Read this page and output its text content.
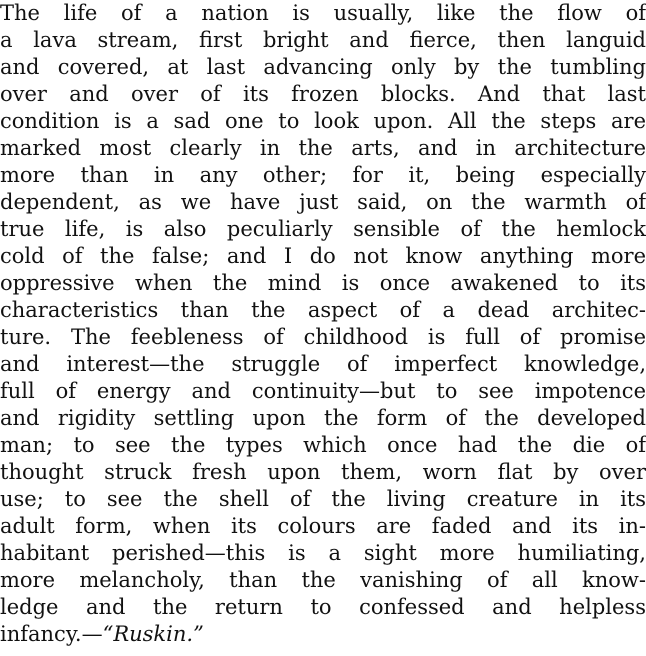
The life of a nation is usually, like the flow of
a lava stream, first bright and fierce, then languid
and covered, at last advancing only by the tumbling
over and over of its frozen blocks. And that last
condition is a sad one to look upon. All the steps are
marked most clearly in the arts, and in architecture
more than in any other; for it, being especially
dependent, as we have just said, on the warmth of
true life, is also peculiarly sensible of the hemlock
cold of the false; and I do not know anything more
oppressive when the mind is once awakened to its
characteristics than the aspect of a dead architec-
ture. The feebleness of childhood is full of promise
and interest—the struggle of imperfect knowledge,
full of energy and continuity—but to see impotence
and rigidity settling upon the form of the developed
man; to see the types which once had the die of
thought struck fresh upon them, worn flat by over
use; to see the shell of the living creature in its
adult form, when its colours are faded and its in-
habitant perished—this is a sight more humiliating,
more melancholy, than the vanishing of all know-
ledge and the return to confessed and helpless
infancy.—“Ruskin.”
